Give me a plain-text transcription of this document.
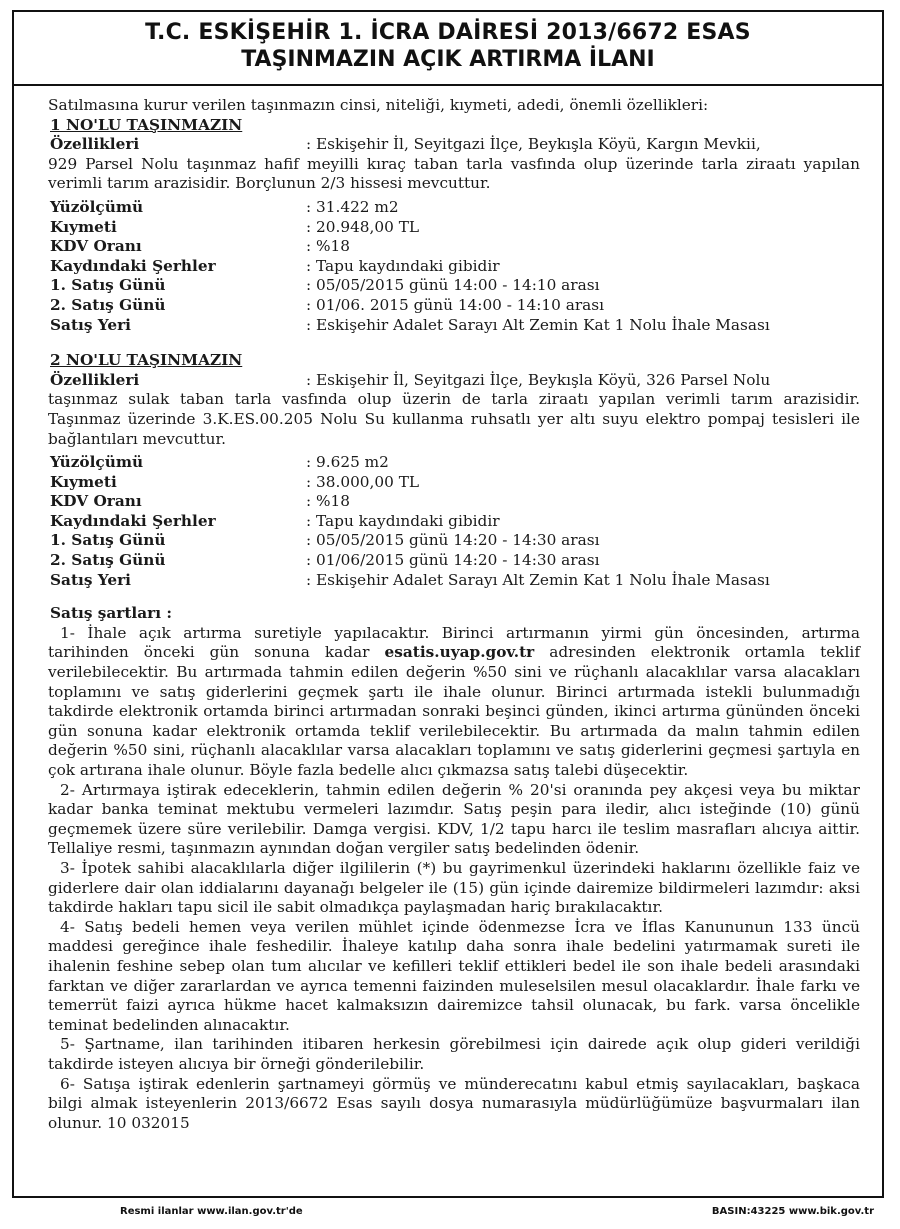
T.C. ESKİŞEHİR 1. İCRA DAİRESİ 2013/6672 ESAS
TAŞINMAZIN AÇIK ARTIRMA İLANI

Satılmasına kurur verilen taşınmazın cinsi, niteliği, kıymeti, adedi, önemli özellikleri:

1 NO'LU TAŞINMAZIN

Özellikleri	: Eskişehir İl, Seyitgazi İlçe, Beykışla Köyü, Kargın Mevkii,

929 Parsel Nolu taşınmaz hafif meyilli kıraç taban tarla vasfında olup üzerinde tarla ziraatı yapılan verimli tarım arazisidir. Borçlunun 2/3 hissesi mevcuttur.

Yüzölçümü	: 31.422 m2
Kıymeti	: 20.948,00 TL
KDV Oranı	: %18
Kaydındaki Şerhler	: Tapu kaydındaki gibidir
1. Satış Günü	: 05/05/2015 günü 14:00 - 14:10 arası
2. Satış Günü	: 01/06. 2015 günü 14:00 - 14:10 arası
Satış Yeri	: Eskişehir Adalet Sarayı Alt Zemin Kat 1 Nolu İhale Masası

2 NO'LU TAŞINMAZIN

Özellikleri	: Eskişehir İl, Seyitgazi İlçe, Beykışla Köyü, 326 Parsel Nolu

taşınmaz sulak taban tarla vasfında olup üzerin de tarla ziraatı yapılan verimli tarım arazisidir. Taşınmaz üzerinde 3.K.ES.00.205 Nolu Su kullanma ruhsatlı yer altı suyu elektro pompaj tesisleri ile bağlantıları mevcuttur.

Yüzölçümü	: 9.625 m2
Kıymeti	: 38.000,00 TL
KDV Oranı	: %18
Kaydındaki Şerhler	: Tapu kaydındaki gibidir
1. Satış Günü	: 05/05/2015 günü 14:20 - 14:30 arası
2. Satış Günü	: 01/06/2015 günü 14:20 - 14:30 arası
Satış Yeri	: Eskişehir Adalet Sarayı Alt Zemin Kat 1 Nolu İhale Masası

Satış şartları :

1- İhale açık artırma suretiyle yapılacaktır. Birinci artırmanın yirmi gün öncesinden, artırma tarihinden önceki gün sonuna kadar esatis.uyap.gov.tr adresinden elektronik ortamla teklif verilebilecektir. Bu artırmada tahmin edilen değerin %50 sini ve rüçhanlı alacaklılar varsa alacakları toplamını ve satış giderlerini geçmek şartı ile ihale olunur. Birinci artırmada istekli bulunmadığı takdirde elektronik ortamda birinci artırmadan sonraki beşinci günden, ikinci artırma gününden önceki gün sonuna kadar elektronik ortamda teklif verilebilecektir. Bu artırmada da malın tahmin edilen değerin %50 sini, rüçhanlı alacaklılar varsa alacakları toplamını ve satış giderlerini geçmesi şartıyla en çok artırana ihale olunur. Böyle fazla bedelle alıcı çıkmazsa satış talebi düşecektir.

2- Artırmaya iştirak edeceklerin, tahmin edilen değerin % 20'si oranında pey akçesi veya bu miktar kadar banka teminat mektubu vermeleri lazımdır. Satış peşin para iledir, alıcı isteğinde (10) günü geçmemek üzere süre verilebilir. Damga vergisi. KDV, 1/2 tapu harcı ile teslim masrafları alıcıya aittir. Tellaliye resmi, taşınmazın aynından doğan vergiler satış bedelinden ödenir.

3- İpotek sahibi alacaklılarla diğer ilgililerin (*) bu gayrimenkul üzerindeki haklarını özellikle faiz ve giderlere dair olan iddialarını dayanağı belgeler ile (15) gün içinde dairemize bildirmeleri lazımdır: aksi takdirde hakları tapu sicil ile sabit olmadıkça paylaşmadan hariç bırakılacaktır.

4- Satış bedeli hemen veya verilen mühlet içinde ödenmezse İcra ve İflas Kanununun 133 üncü maddesi gereğince ihale feshedilir. İhaleye katılıp daha sonra ihale bedelini yatırmamak sureti ile ihalenin feshine sebep olan tum alıcılar ve kefilleri teklif ettikleri bedel ile son ihale bedeli arasındaki farktan ve diğer zararlardan ve ayrıca temenni faizinden muleselsilen mesul olacaklardır. İhale farkı ve temerrüt faizi ayrıca hükme hacet kalmaksızın dairemizce tahsil olunacak, bu fark. varsa öncelikle teminat bedelinden alınacaktır.

5- Şartname, ilan tarihinden itibaren herkesin görebilmesi için dairede açık olup gideri verildiği takdirde isteyen alıcıya bir örneği gönderilebilir.

6- Satışa iştirak edenlerin şartnameyi görmüş ve münderecatını kabul etmiş sayılacakları, başkaca bilgi almak isteyenlerin 2013/6672 Esas sayılı dosya numarasıyla müdürlüğümüze başvurmaları ilan olunur. 10 032015

Resmi ilanlar www.ilan.gov.tr'de	BASIN:43225 www.bik.gov.tr
